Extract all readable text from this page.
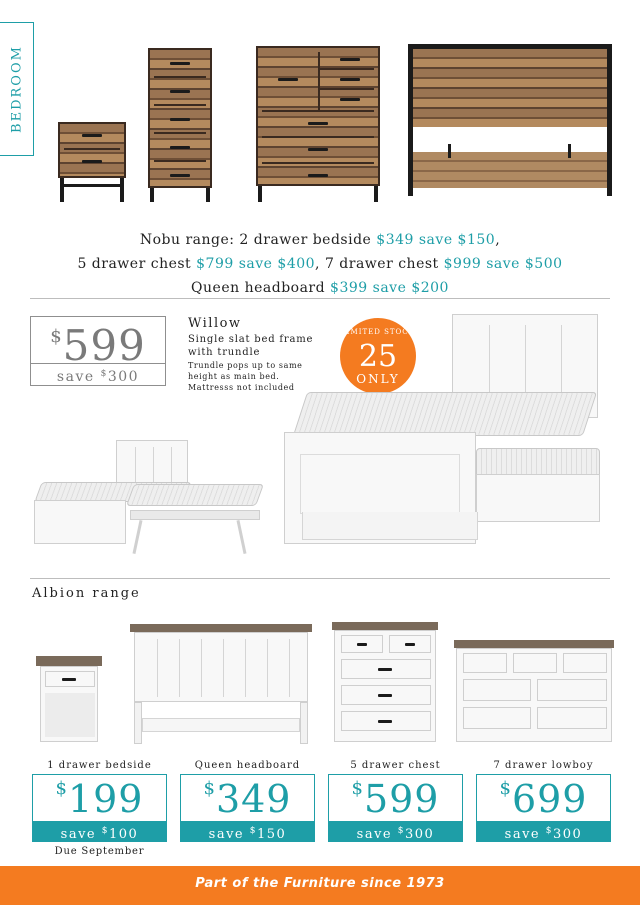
BEDROOM
Nobu range: 2 drawer bedside $349 save $150,
5 drawer chest $799 save $400, 7 drawer chest $999 save $500
Queen headboard $399 save $200
$599
save $300
Willow
Single slat bed frame with trundle
Trundle pops up to same height as main bed. Mattresss not included
LIMITED STOCK
25
ONLY
Albion range
1 drawer bedside	Queen headboard	5 drawer chest	7 drawer lowboy
$199
save $100
$349
save $150
$599
save $300
$699
save $300
Due September
Part of the Furniture since 1973
